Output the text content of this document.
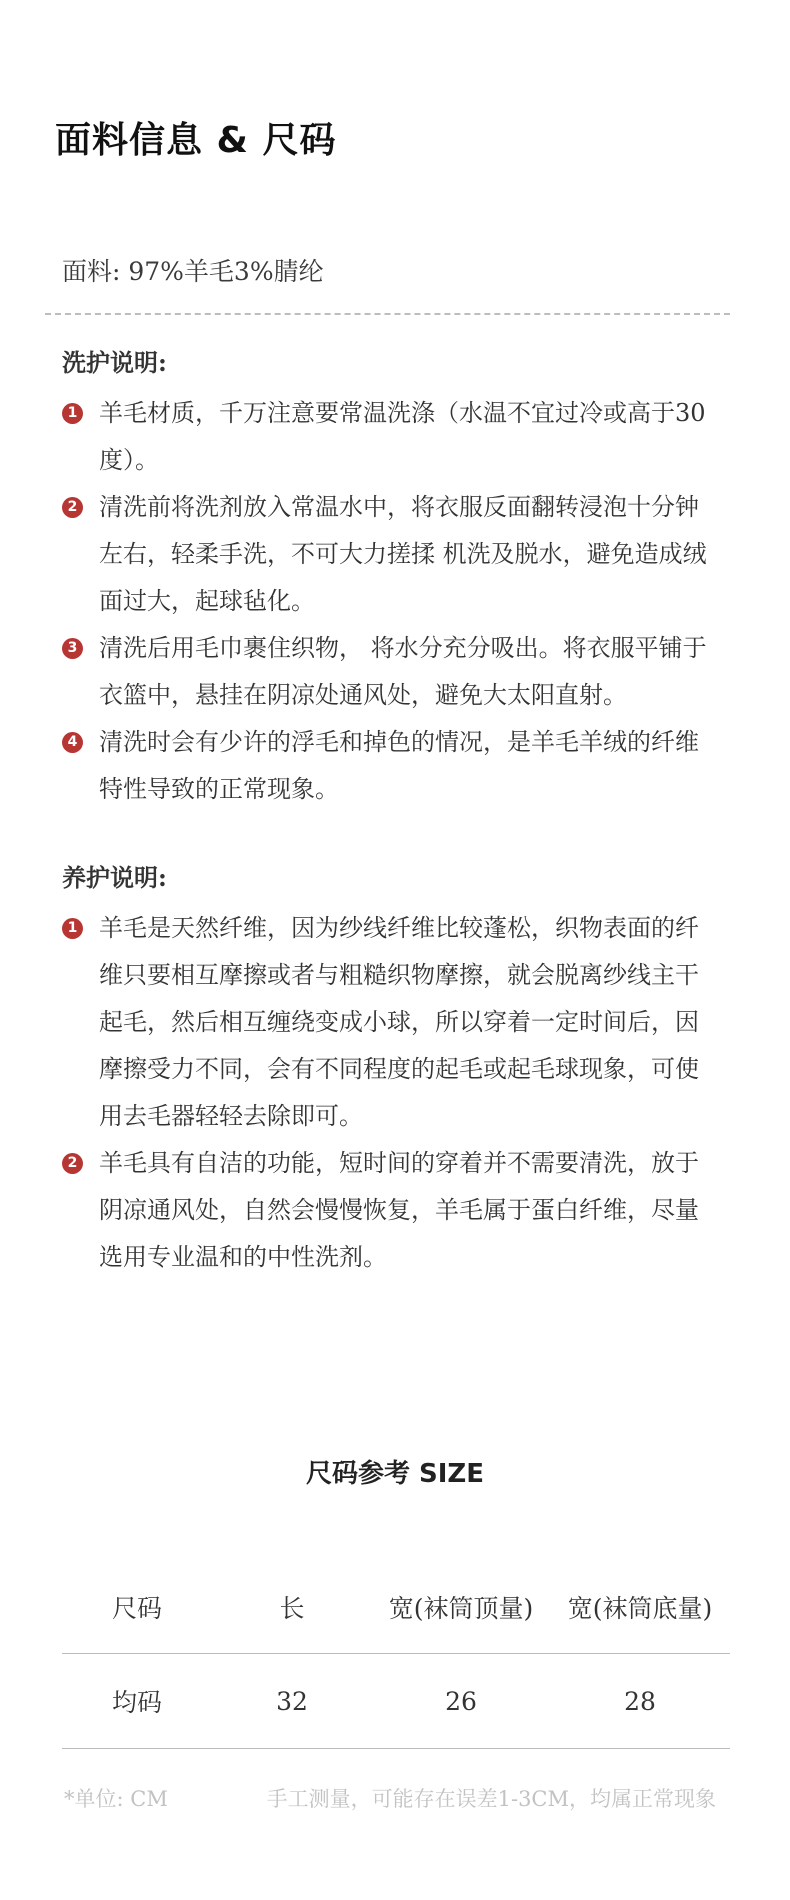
面料信息 & 尺码
面料: 97%羊毛3%腈纶
洗护说明:
1 羊毛材质，千万注意要常温洗涤（水温不宜过冷或高于30度）。
2 清洗前将洗剂放入常温水中，将衣服反面翻转浸泡十分钟左右，轻柔手洗，不可大力搓揉 机洗及脱水，避免造成绒面过大，起球毡化。
3 清洗后用毛巾裹住织物， 将水分充分吸出。将衣服平铺于衣篮中，悬挂在阴凉处通风处，避免大太阳直射。
4 清洗时会有少许的浮毛和掉色的情况，是羊毛羊绒的纤维特性导致的正常现象。
养护说明:
1 羊毛是天然纤维，因为纱线纤维比较蓬松，织物表面的纤维只要相互摩擦或者与粗糙织物摩擦，就会脱离纱线主干起毛，然后相互缠绕变成小球，所以穿着一定时间后，因摩擦受力不同，会有不同程度的起毛或起毛球现象，可使用去毛器轻轻去除即可。
2 羊毛具有自洁的功能，短时间的穿着并不需要清洗，放于阴凉通风处，自然会慢慢恢复，羊毛属于蛋白纤维，尽量选用专业温和的中性洗剂。
尺码参考 SIZE
尺码	长	宽(袜筒顶量)	宽(袜筒底量)
均码	32	26	28
*单位: CM	手工测量，可能存在误差1-3CM，均属正常现象
